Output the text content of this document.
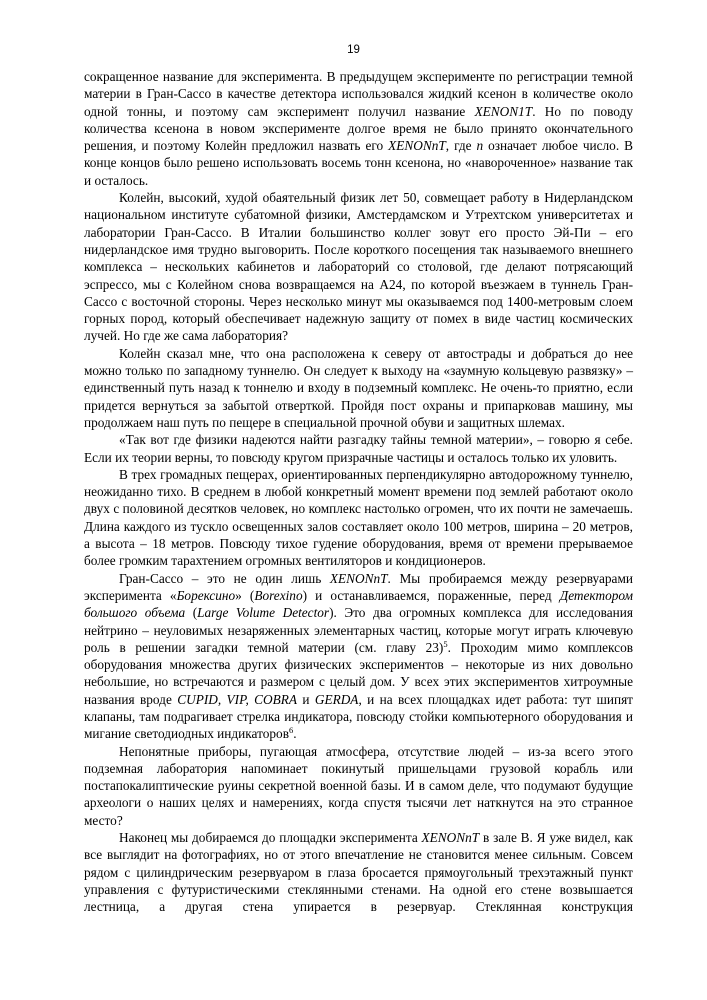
19

сокращенное название для эксперимента. В предыдущем эксперименте по регистрации темной материи в Гран-Сассо в качестве детектора использовался жидкий ксенон в количестве около одной тонны, и поэтому сам эксперимент получил название XENON1T. Но по поводу количества ксенона в новом эксперименте долгое время не было принято окончательного решения, и поэтому Колейн предложил назвать его XENONnT, где n означает любое число. В конце концов было решено использовать восемь тонн ксенона, но «навороченное» название так и осталось.

Колейн, высокий, худой обаятельный физик лет 50, совмещает работу в Нидерландском национальном институте субатомной физики, Амстердамском и Утрехтском университетах и лаборатории Гран-Сассо. В Италии большинство коллег зовут его просто Эй-Пи – его нидерландское имя трудно выговорить. После короткого посещения так называемого внешнего комплекса – нескольких кабинетов и лабораторий со столовой, где делают потрясающий эспрессо, мы с Колейном снова возвращаемся на А24, по которой въезжаем в туннель Гран-Сассо с восточной стороны. Через несколько минут мы оказываемся под 1400-метровым слоем горных пород, который обеспечивает надежную защиту от помех в виде частиц космических лучей. Но где же сама лаборатория?

Колейн сказал мне, что она расположена к северу от автострады и добраться до нее можно только по западному туннелю. Он следует к выходу на «заумную кольцевую развязку» – единственный путь назад к тоннелю и входу в подземный комплекс. Не очень-то приятно, если придется вернуться за забытой отверткой. Пройдя пост охраны и припарковав машину, мы продолжаем наш путь по пещере в специальной прочной обуви и защитных шлемах.

«Так вот где физики надеются найти разгадку тайны темной материи», – говорю я себе. Если их теории верны, то повсюду кругом призрачные частицы и осталось только их уловить.

В трех громадных пещерах, ориентированных перпендикулярно автодорожному туннелю, неожиданно тихо. В среднем в любой конкретный момент времени под землей работают около двух с половиной десятков человек, но комплекс настолько огромен, что их почти не замечаешь. Длина каждого из тускло освещенных залов составляет около 100 метров, ширина – 20 метров, а высота – 18 метров. Повсюду тихое гудение оборудования, время от времени прерываемое более громким тарахтением огромных вентиляторов и кондиционеров.

Гран-Сассо – это не один лишь XENONnT. Мы пробираемся между резервуарами эксперимента «Борексино» (Borexino) и останавливаемся, пораженные, перед Детектором большого объема (Large Volume Detector). Это два огромных комплекса для исследования нейтрино – неуловимых незаряженных элементарных частиц, которые могут играть ключевую роль в решении загадки темной материи (см. главу 23)$^5$. Проходим мимо комплексов оборудования множества других физических экспериментов – некоторые из них довольно небольшие, но встречаются и размером с целый дом. У всех этих экспериментов хитроумные названия вроде CUPID, VIP, COBRA и GERDA, и на всех площадках идет работа: тут шипят клапаны, там подрагивает стрелка индикатора, повсюду стойки компьютерного оборудования и мигание светодиодных индикаторов$^6$.

Непонятные приборы, пугающая атмосфера, отсутствие людей – из-за всего этого подземная лаборатория напоминает покинутый пришельцами грузовой корабль или постапокалиптические руины секретной военной базы. И в самом деле, что подумают будущие археологи о наших целях и намерениях, когда спустя тысячи лет наткнутся на это странное место?

Наконец мы добираемся до площадки эксперимента XENONnT в зале В. Я уже видел, как все выглядит на фотографиях, но от этого впечатление не становится менее сильным. Совсем рядом с цилиндрическим резервуаром в глаза бросается прямоугольный трехэтажный пункт управления с футуристическими стеклянными стенами. На одной его стене возвышается лестница, а другая стена упирается в резервуар. Стеклянная конструкция
